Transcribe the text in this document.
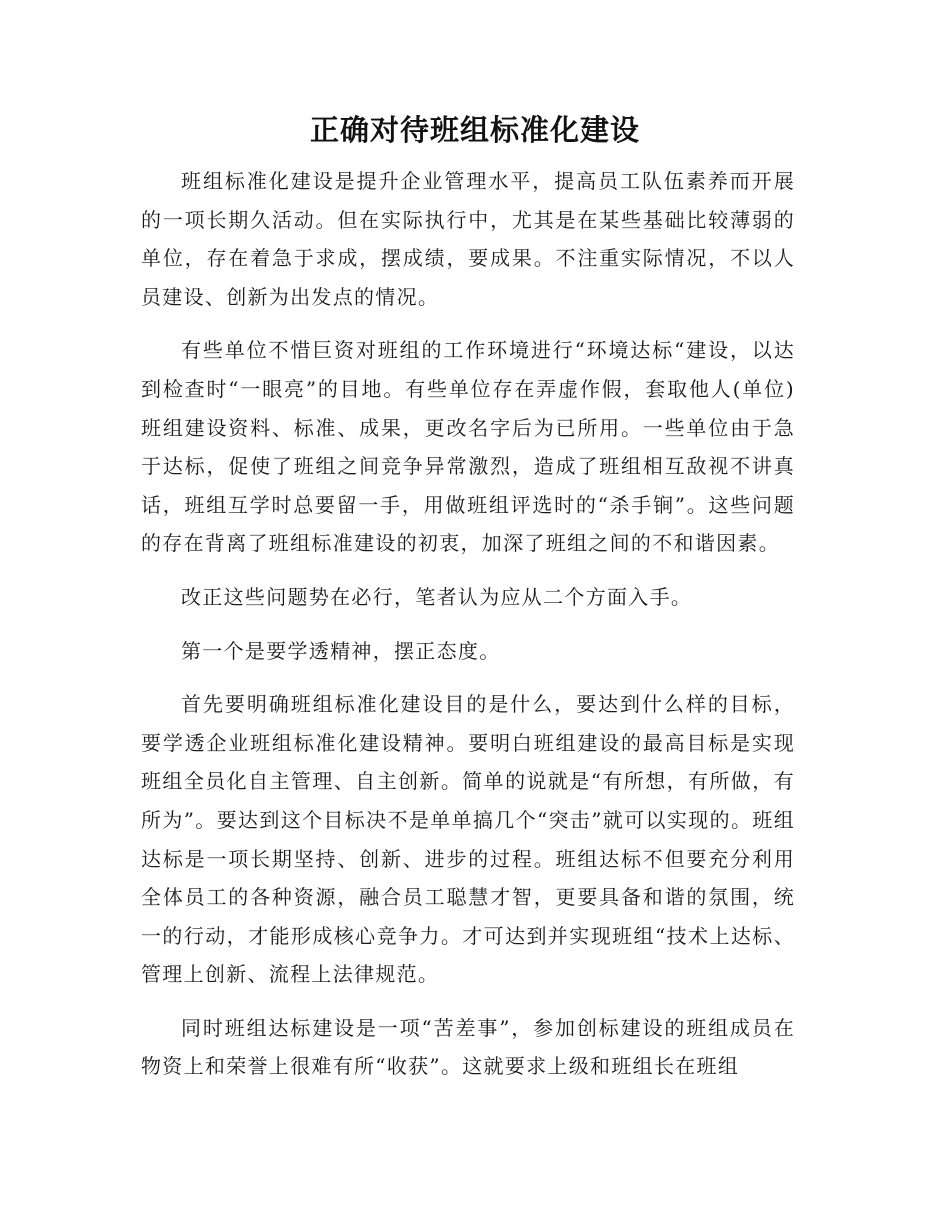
正确对待班组标准化建设

班组标准化建设是提升企业管理水平，提高员工队伍素养而开展的一项长期久活动。但在实际执行中，尤其是在某些基础比较薄弱的单位，存在着急于求成，摆成绩，要成果。不注重实际情况，不以人员建设、创新为出发点的情况。

有些单位不惜巨资对班组的工作环境进行“环境达标“建设，以达到检查时“一眼亮”的目地。有些单位存在弄虚作假，套取他人(单位)班组建设资料、标准、成果，更改名字后为已所用。一些单位由于急于达标，促使了班组之间竞争异常激烈，造成了班组相互敌视不讲真话，班组互学时总要留一手，用做班组评选时的“杀手锏”。这些问题的存在背离了班组标准建设的初衷，加深了班组之间的不和谐因素。

改正这些问题势在必行，笔者认为应从二个方面入手。

第一个是要学透精神，摆正态度。

首先要明确班组标准化建设目的是什么，要达到什么样的目标，要学透企业班组标准化建设精神。要明白班组建设的最高目标是实现班组全员化自主管理、自主创新。简单的说就是“有所想，有所做，有所为”。要达到这个目标决不是单单搞几个“突击”就可以实现的。班组达标是一项长期坚持、创新、进步的过程。班组达标不但要充分利用全体员工的各种资源，融合员工聪慧才智，更要具备和谐的氛围，统一的行动，才能形成核心竞争力。才可达到并实现班组“技术上达标、管理上创新、流程上法律规范。

同时班组达标建设是一项“苦差事”，参加创标建设的班组成员在物资上和荣誉上很难有所“收获”。这就要求上级和班组长在班组
